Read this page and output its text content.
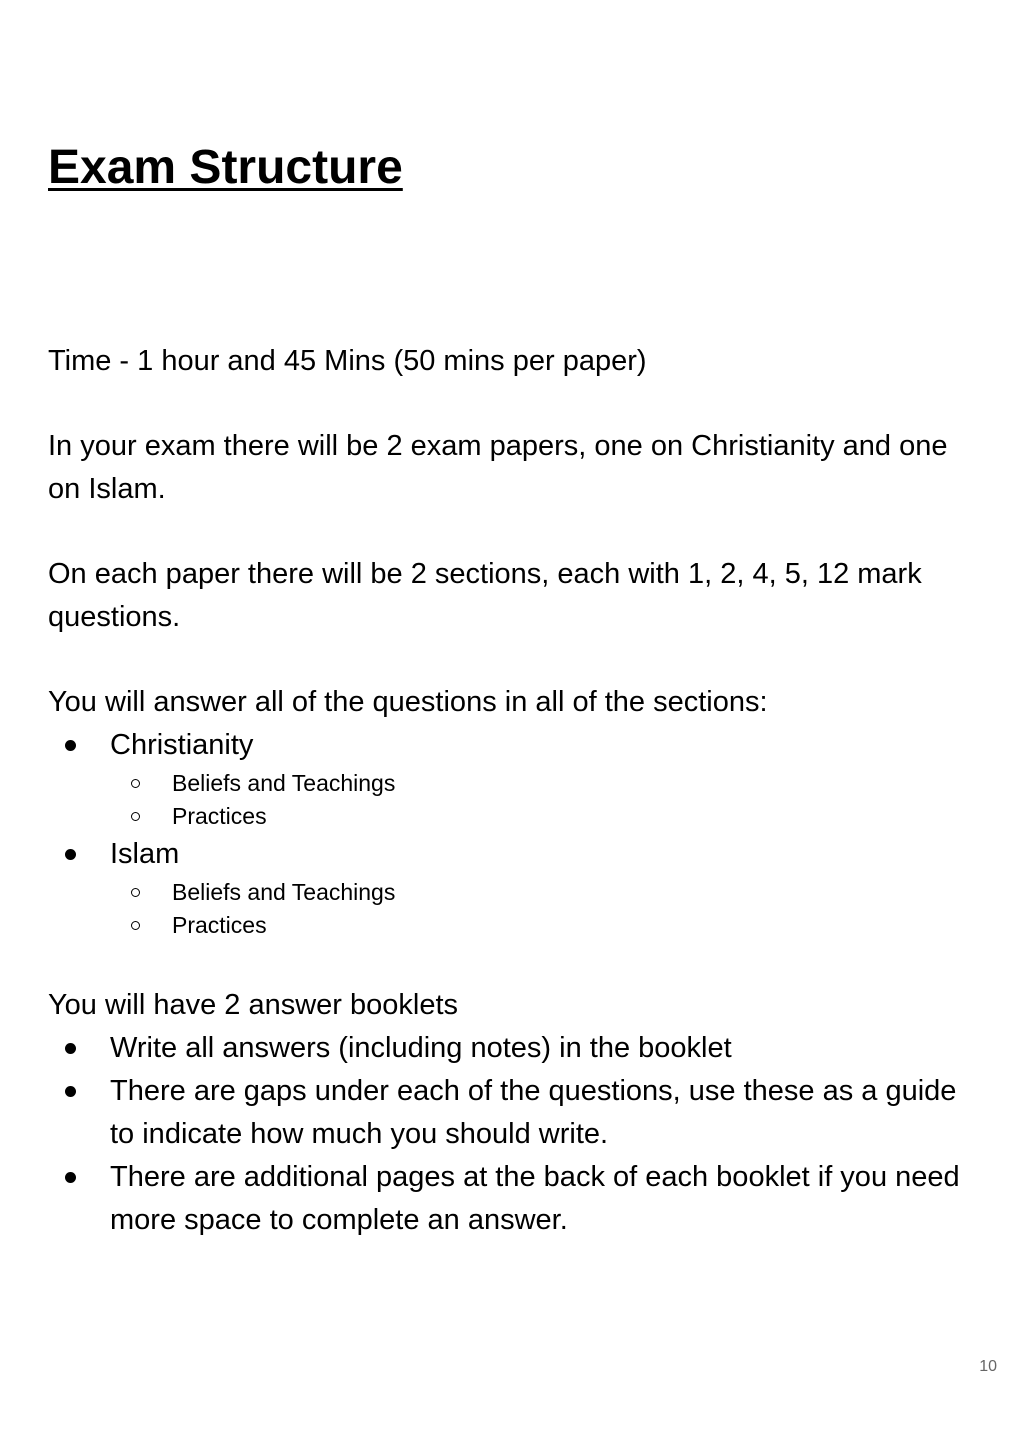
Exam Structure

Time - 1 hour and 45 Mins (50 mins per paper)

In your exam there will be 2 exam papers, one on Christianity and one on Islam.

On each paper there will be 2 sections, each with 1, 2, 4, 5, 12 mark questions.

You will answer all of the questions in all of the sections:

Christianity
Beliefs and Teachings
Practices
Islam
Beliefs and Teachings
Practices

You will have 2 answer booklets

Write all answers (including notes) in the booklet
There are gaps under each of the questions, use these as a guide to indicate how much you should write.
There are additional pages at the back of each booklet if you need more space to complete an answer.
10
